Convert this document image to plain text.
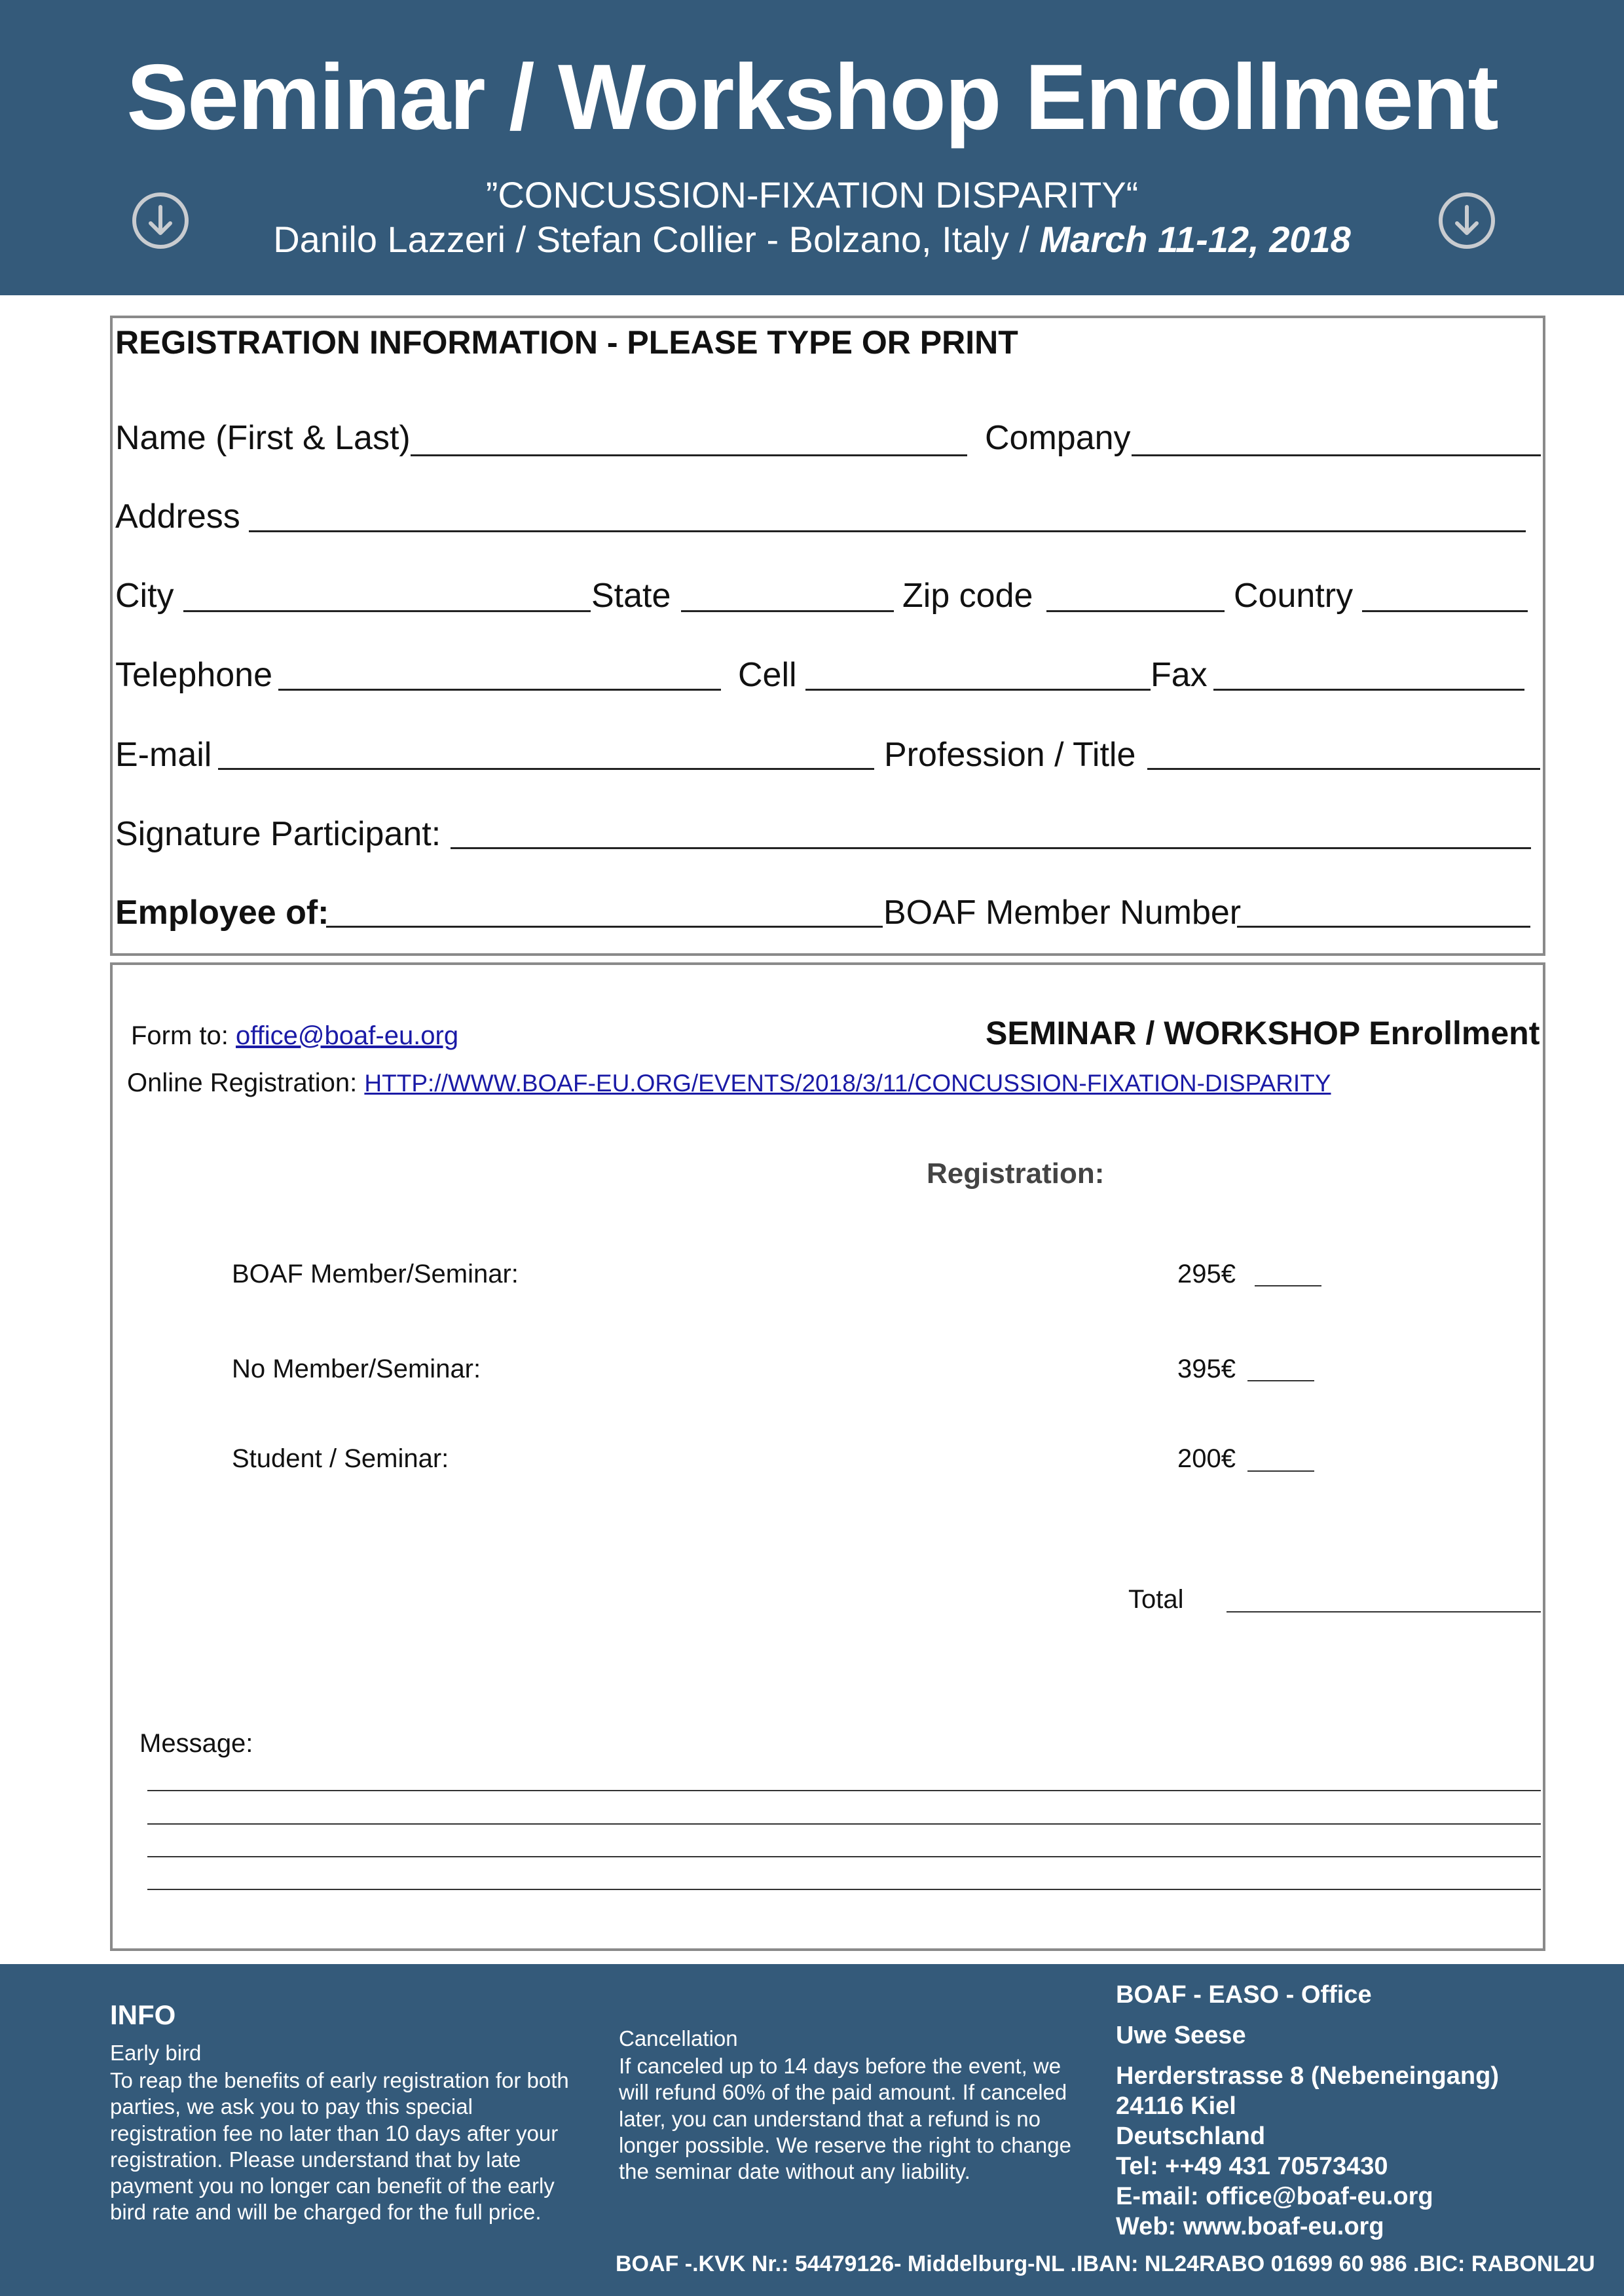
Seminar / Workshop Enrollment
”CONCUSSION-FIXATION DISPARITY“
Danilo Lazzeri / Stefan Collier - Bolzano, Italy / March 11-12, 2018
REGISTRATION INFORMATION - PLEASE TYPE OR PRINT
Name (First & Last)	Company
Address
City	State	Zip code	Country
Telephone	Cell	Fax
E-mail	Profession / Title
Signature Participant:
Employee of:	BOAF Member Number
Form to: office@boaf-eu.org	SEMINAR / WORKSHOP Enrollment
Online Registration: HTTP://WWW.BOAF-EU.ORG/EVENTS/2018/3/11/CONCUSSION-FIXATION-DISPARITY
Registration:
BOAF Member/Seminar:	295€
No Member/Seminar:	395€
Student / Seminar:	200€
Total
Message:
INFO
Early bird
To reap the benefits of early registration for both parties, we ask you to pay this special registration fee no later than 10 days after your registration. Please understand that by late payment you no longer can benefit of the early bird rate and will be charged for the full price.
Cancellation
If canceled up to 14 days before the event, we will refund 60% of the paid amount. If canceled later, you can understand that a refund is no longer possible. We reserve the right to change the seminar date without any liability.
BOAF - EASO - Office
Uwe Seese
Herderstrasse 8 (Nebeneingang)
24116 Kiel
Deutschland
Tel: ++49 431 70573430
E-mail: office@boaf-eu.org
Web: www.boaf-eu.org
BOAF -.KVK Nr.: 54479126- Middelburg-NL .IBAN: NL24RABO 01699 60 986 .BIC: RABONL2U
